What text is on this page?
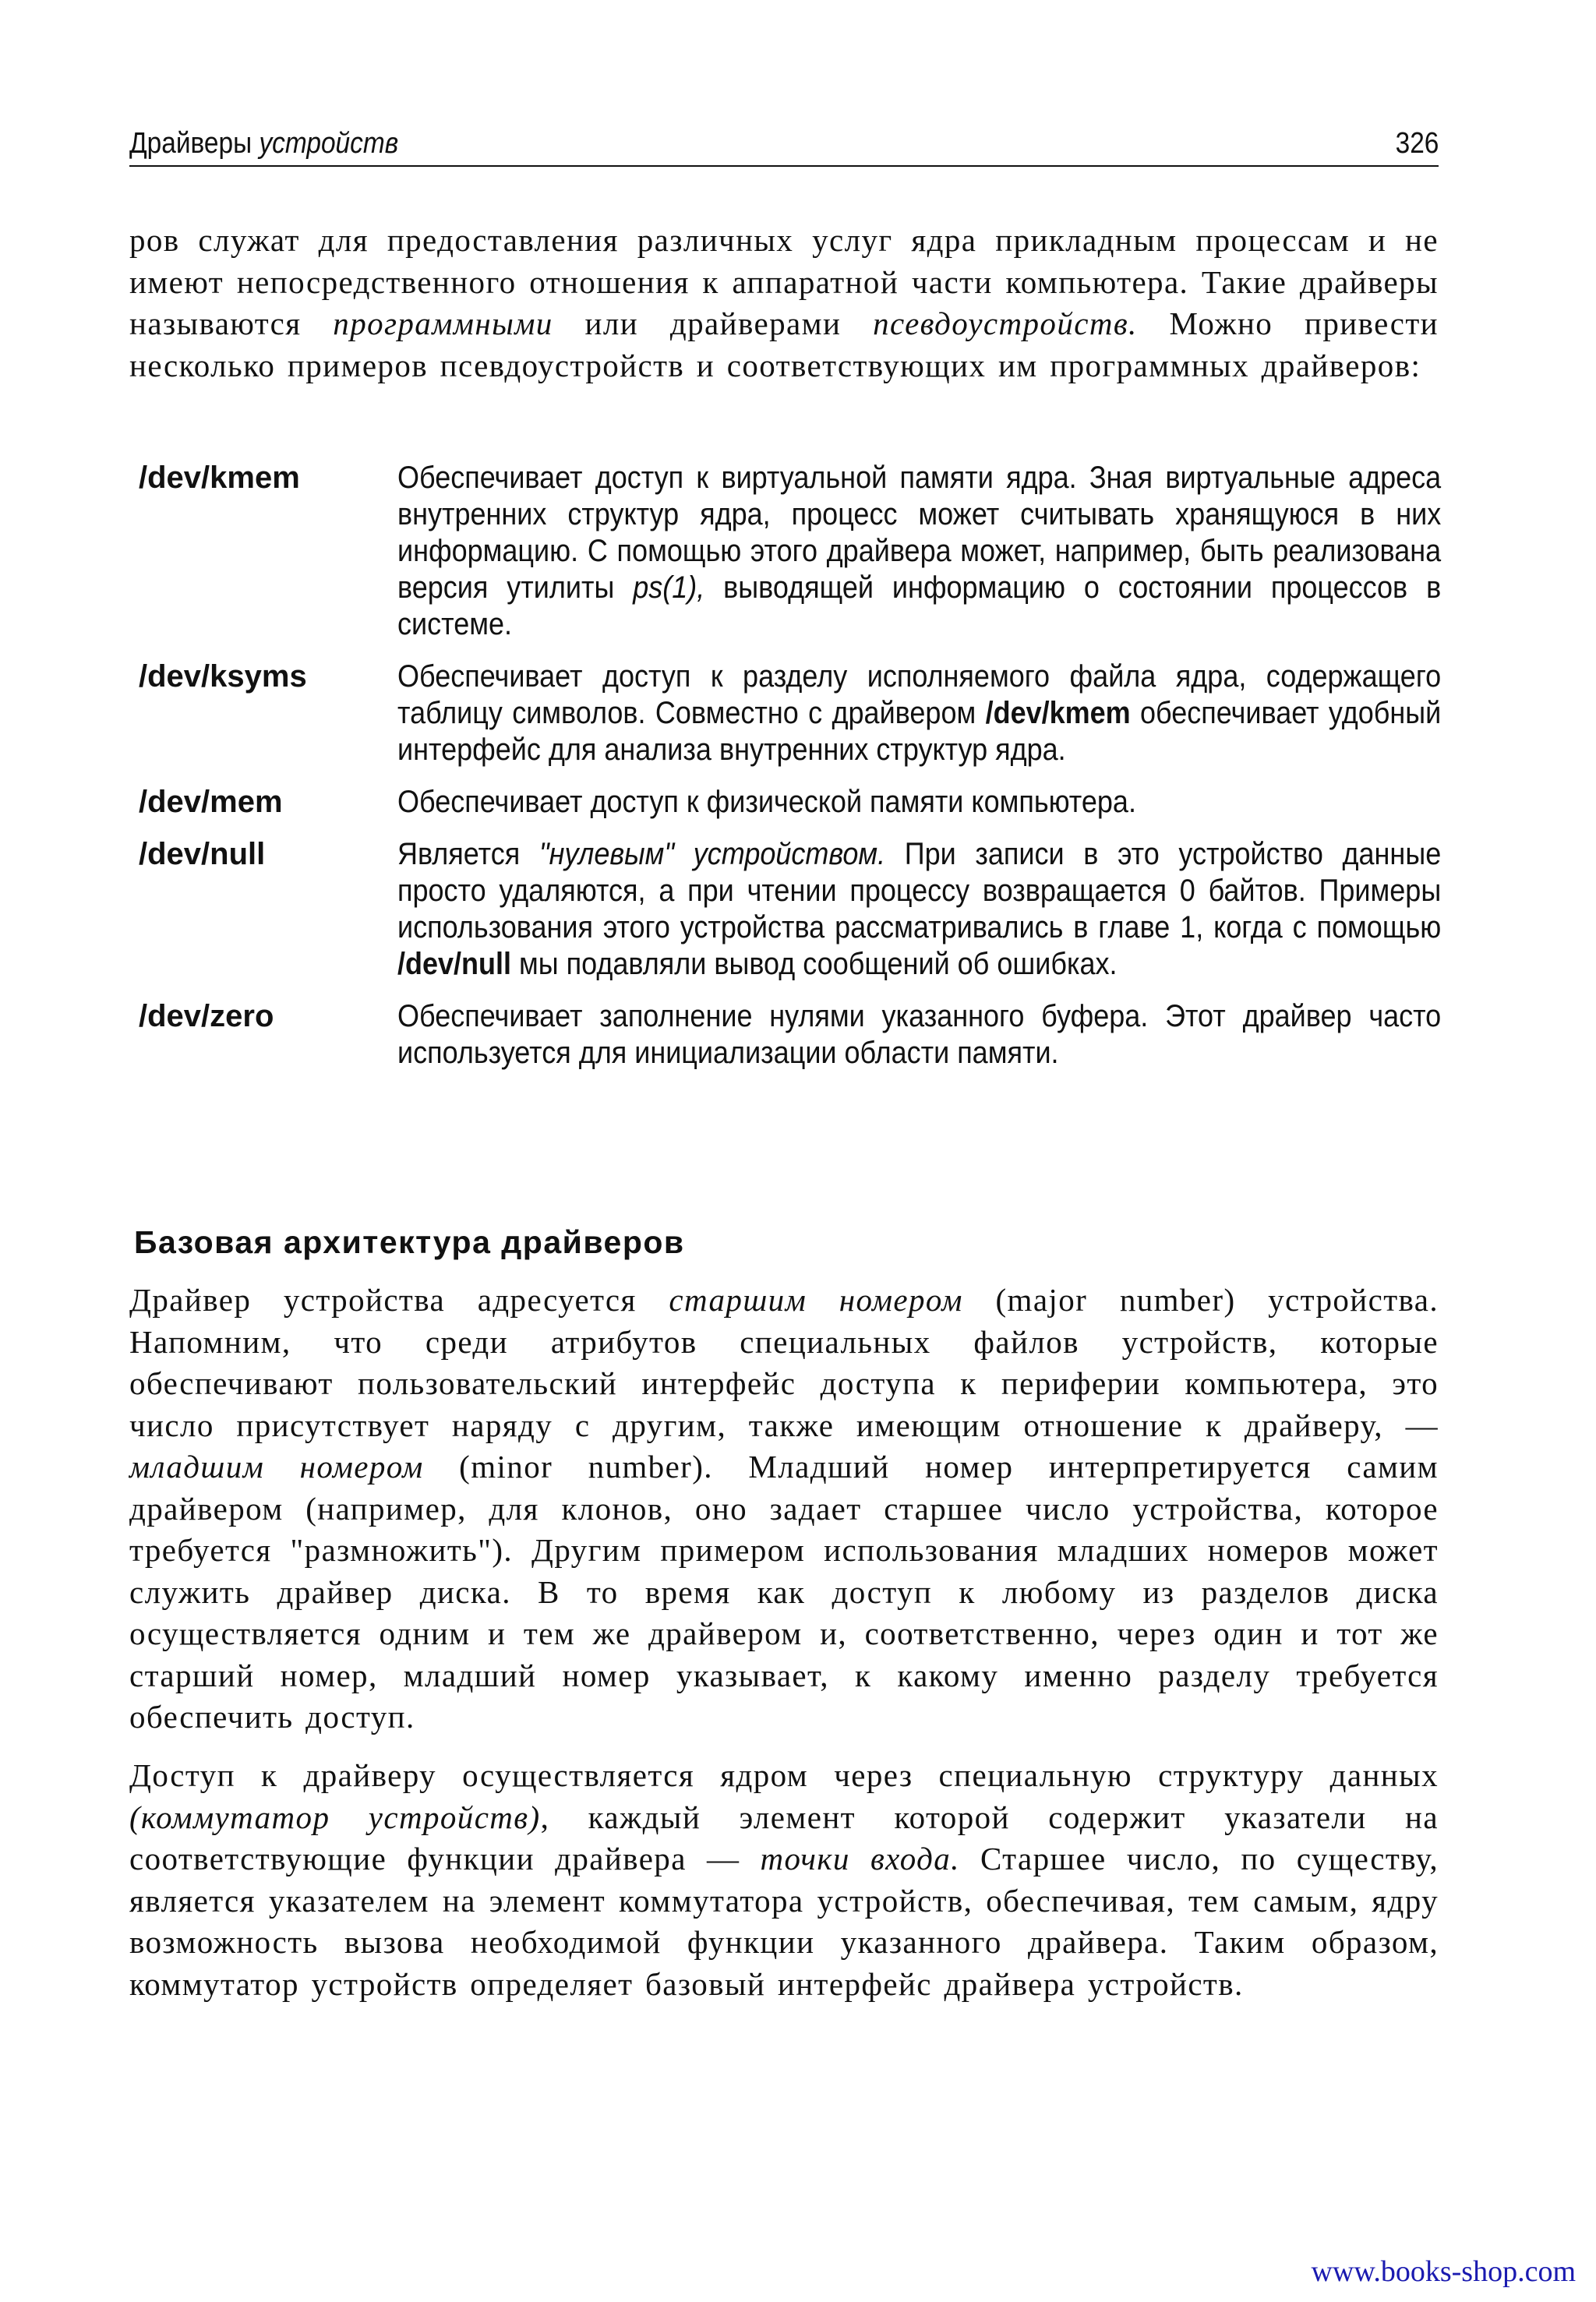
Драйверы устройств	326

ров служат для предоставления различных услуг ядра прикладным процессам и не имеют непосредственного отношения к аппаратной части компьютера. Такие драйверы называются программными или драйверами псевдоустройств. Можно привести несколько примеров псевдоустройств и соответствующих им программных драйверов:

/dev/kmem	Обеспечивает доступ к виртуальной памяти ядра. Зная виртуальные адреса внутренних структур ядра, процесс может считывать хранящуюся в них информацию. С помощью этого драйвера может, например, быть реализована версия утилиты ps(1), выводящей информацию о состоянии процессов в системе.
/dev/ksyms	Обеспечивает доступ к разделу исполняемого файла ядра, содержащего таблицу символов. Совместно с драйвером /dev/kmem обеспечивает удобный интерфейс для анализа внутренних структур ядра.
/dev/mem	Обеспечивает доступ к физической памяти компьютера.
/dev/null	Является "нулевым" устройством. При записи в это устройство данные просто удаляются, а при чтении процессу возвращается 0 байтов. Примеры использования этого устройства рассматривались в главе 1, когда с помощью /dev/null мы подавляли вывод сообщений об ошибках.
/dev/zero	Обеспечивает заполнение нулями указанного буфера. Этот драйвер часто используется для инициализации области памяти.
Базовая архитектура драйверов

Драйвер устройства адресуется старшим номером (major number) устройства. Напомним, что среди атрибутов специальных файлов устройств, которые обеспечивают пользовательский интерфейс доступа к периферии компьютера, это число присутствует наряду с другим, также имеющим отношение к драйверу, — младшим номером (minor number). Младший номер интерпретируется самим драйвером (например, для клонов, оно задает старшее число устройства, которое требуется "размножить"). Другим примером использования младших номеров может служить драйвер диска. В то время как доступ к любому из разделов диска осуществляется одним и тем же драйвером и, соответственно, через один и тот же старший номер, младший номер указывает, к какому именно разделу требуется обеспечить доступ.

Доступ к драйверу осуществляется ядром через специальную структуру данных (коммутатор устройств), каждый элемент которой содержит указатели на соответствующие функции драйвера — точки входа. Старшее число, по существу, является указателем на элемент коммутатора устройств, обеспечивая, тем самым, ядру возможность вызова необходимой функции указанного драйвера. Таким образом, коммутатор устройств определяет базовый интерфейс драйвера устройств.

www.books-shop.com
